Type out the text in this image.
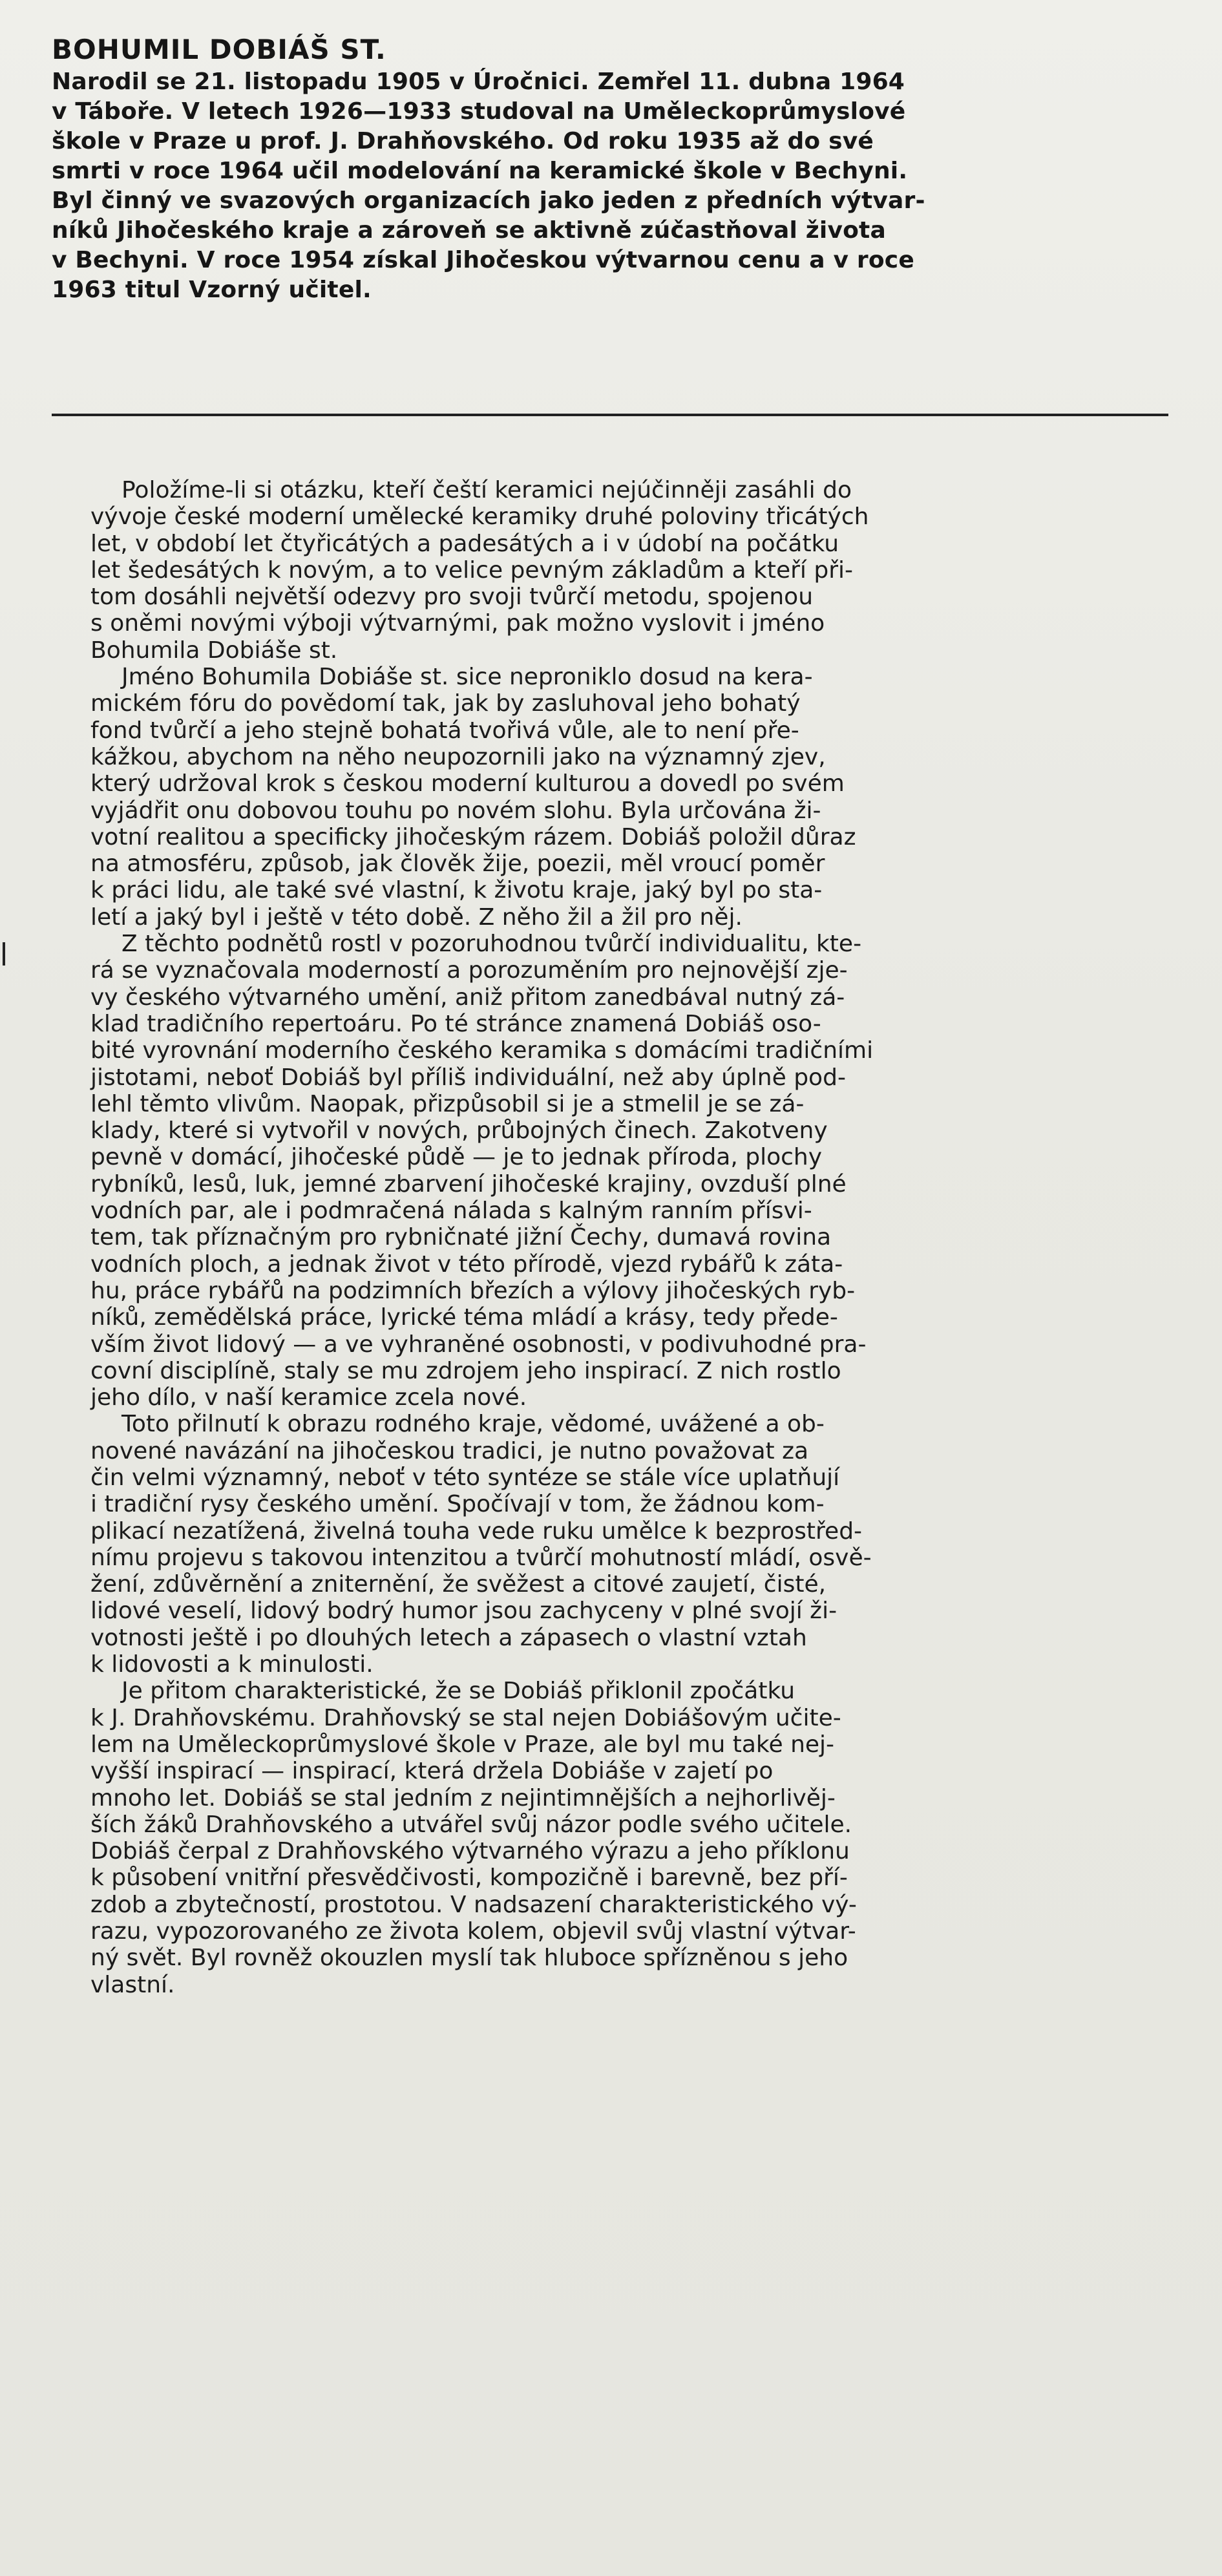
BOHUMIL DOBIÁŠ ST.
Narodil se 21. listopadu 1905 v Úročnici. Zemřel 11. dubna 1964
v Táboře. V letech 1926—1933 studoval na Uměleckoprůmyslové
škole v Praze u prof. J. Drahňovského. Od roku 1935 až do své
smrti v roce 1964 učil modelování na keramické škole v Bechyni.
Byl činný ve svazových organizacích jako jeden z předních výtvar-
níků Jihočeského kraje a zároveň se aktivně zúčastňoval života
v Bechyni. V roce 1954 získal Jihočeskou výtvarnou cenu a v roce
1963 titul Vzorný učitel.
Položíme-li si otázku, kteří čeští keramici nejúčinněji zasáhli do
vývoje české moderní umělecké keramiky druhé poloviny třicátých
let, v období let čtyřicátých a padesátých a i v údobí na počátku
let šedesátých k novým, a to velice pevným základům a kteří při-
tom dosáhli největší odezvy pro svoji tvůrčí metodu, spojenou
s oněmi novými výboji výtvarnými, pak možno vyslovit i jméno
Bohumila Dobiáše st.
Jméno Bohumila Dobiáše st. sice neproniklo dosud na kera-
mickém fóru do povědomí tak, jak by zasluhoval jeho bohatý
fond tvůrčí a jeho stejně bohatá tvořivá vůle, ale to není pře-
kážkou, abychom na něho neupozornili jako na významný zjev,
který udržoval krok s českou moderní kulturou a dovedl po svém
vyjádřit onu dobovou touhu po novém slohu. Byla určována ži-
votní realitou a specificky jihočeským rázem. Dobiáš položil důraz
na atmosféru, způsob, jak člověk žije, poezii, měl vroucí poměr
k práci lidu, ale také své vlastní, k životu kraje, jaký byl po sta-
letí a jaký byl i ještě v této době. Z něho žil a žil pro něj.
Z těchto podnětů rostl v pozoruhodnou tvůrčí individualitu, kte-
rá se vyznačovala moderností a porozuměním pro nejnovější zje-
vy českého výtvarného umění, aniž přitom zanedbával nutný zá-
klad tradičního repertoáru. Po té stránce znamená Dobiáš oso-
bité vyrovnání moderního českého keramika s domácími tradičními
jistotami, neboť Dobiáš byl příliš individuální, než aby úplně pod-
lehl těmto vlivům. Naopak, přizpůsobil si je a stmelil je se zá-
klady, které si vytvořil v nových, průbojných činech. Zakotveny
pevně v domácí, jihočeské půdě — je to jednak příroda, plochy
rybníků, lesů, luk, jemné zbarvení jihočeské krajiny, ovzduší plné
vodních par, ale i podmračená nálada s kalným ranním přísvi-
tem, tak příznačným pro rybničnaté jižní Čechy, dumavá rovina
vodních ploch, a jednak život v této přírodě, vjezd rybářů k záta-
hu, práce rybářů na podzimních březích a výlovy jihočeských ryb-
níků, zemědělská práce, lyrické téma mládí a krásy, tedy přede-
vším život lidový — a ve vyhraněné osobnosti, v podivuhodné pra-
covní disciplíně, staly se mu zdrojem jeho inspirací. Z nich rostlo
jeho dílo, v naší keramice zcela nové.
Toto přilnutí k obrazu rodného kraje, vědomé, uvážené a ob-
novené navázání na jihočeskou tradici, je nutno považovat za
čin velmi významný, neboť v této syntéze se stále více uplatňují
i tradiční rysy českého umění. Spočívají v tom, že žádnou kom-
plikací nezatížená, živelná touha vede ruku umělce k bezprostřed-
nímu projevu s takovou intenzitou a tvůrčí mohutností mládí, osvě-
žení, zdůvěrnění a zniternění, že svěžest a citové zaujetí, čisté,
lidové veselí, lidový bodrý humor jsou zachyceny v plné svojí ži-
votnosti ještě i po dlouhých letech a zápasech o vlastní vztah
k lidovosti a k minulosti.
Je přitom charakteristické, že se Dobiáš přiklonil zpočátku
k J. Drahňovskému. Drahňovský se stal nejen Dobiášovým učite-
lem na Uměleckoprůmyslové škole v Praze, ale byl mu také nej-
vyšší inspirací — inspirací, která držela Dobiáše v zajetí po
mnoho let. Dobiáš se stal jedním z nejintimnějších a nejhorlivěj-
ších žáků Drahňovského a utvářel svůj názor podle svého učitele.
Dobiáš čerpal z Drahňovského výtvarného výrazu a jeho příklonu
k působení vnitřní přesvědčivosti, kompozičně i barevně, bez pří-
zdob a zbytečností, prostotou. V nadsazení charakteristického vý-
razu, vypozorovaného ze života kolem, objevil svůj vlastní výtvar-
ný svět. Byl rovněž okouzlen myslí tak hluboce spřízněnou s jeho
vlastní.
